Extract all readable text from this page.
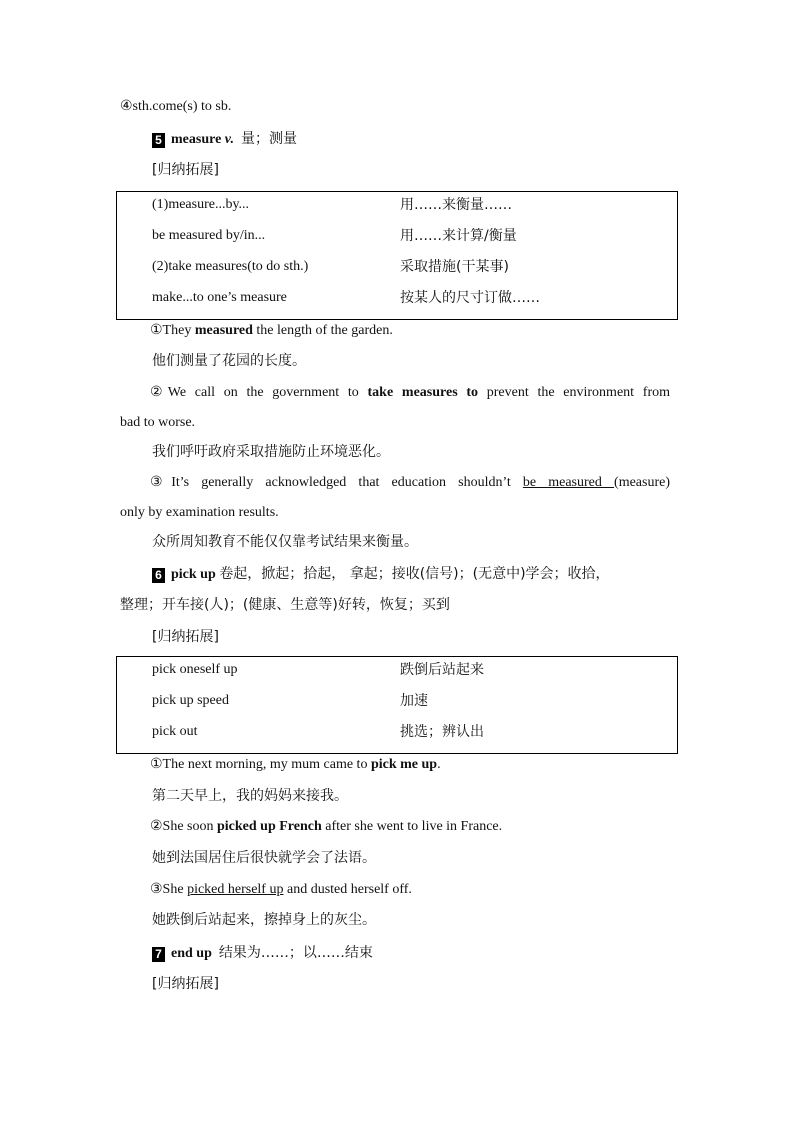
④sth.come(s) to sb.
5 measure v. 量；测量
[归纳拓展]
(1)measure...by...	用……来衡量……
be measured by/in...	用……来计算/衡量
(2)take measures(to do sth.)	采取措施(干某事)
make...to one’s measure	按某人的尺寸订做……
①They measured the length of the garden.
他们测量了花园的长度。
②We call on the government to take measures to prevent the environment from
bad to worse.
我们呼吁政府采取措施防止环境恶化。
③It’s generally acknowledged that education shouldn’t be measured (measure)
only by examination results.
众所周知教育不能仅仅靠考试结果来衡量。
6 pick up 卷起，掀起；拾起， 拿起；接收(信号)；(无意中)学会；收拾，
整理；开车接(人)；(健康、生意等)好转，恢复；买到
[归纳拓展]
pick oneself up	跌倒后站起来
pick up speed	加速
pick out	挑选；辨认出
①The next morning, my mum came to pick me up.
第二天早上，我的妈妈来接我。
②She soon picked up French after she went to live in France.
她到法国居住后很快就学会了法语。
③She picked herself up and dusted herself off.
她跌倒后站起来，擦掉身上的灰尘。
7 end up 结果为……；以……结束
[归纳拓展]
